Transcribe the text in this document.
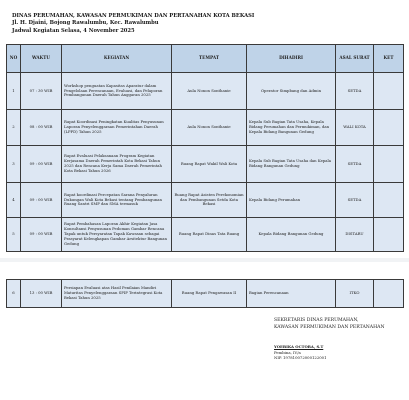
DINAS PERUMAHAN, KAWASAN PERMUKIMAN DAN PERTANAHAN KOTA BEKASI
Jl. H. Djaini, Bojong Rawalumbu, Kec. Rawalumbu
Jadwal Kegiatan Selasa, 4 November 2025
NO	WAKTU	KEGIATAN	TEMPAT	DIHADIRI	ASAL SURAT	KET
1	07 : 30 WIB	Workshop penguatan Kapasitas Aparatur dalam Pengelolaan Perencanaan, Evaluasi, dan Pelaporan Pembangunan Daerah Tahun Anggaran 2025	Aula Nonon Sonthanie	Operator Simpbang dan Admin	SETDA	
2	08 : 00 WIB	Rapat Koordinasi Peningkatan Kualitas Penyusunan Laporan Penyelenggaraan Pemerintahan Daerah (LPPD) Tahun 2025	Aula Nonon Sonthanie	Kepala Sub Bagian Tata Usaha, Kepala Bidang Perumahan dan Permukiman, dan Kepala Bidang Bangunan Gedung	WALI KOTA	
3	09 : 00 WIB	Rapat Evaluasi Pelaksanaan Program Kegiatan Kerjasama Daerah Pemerintah Kota Bekasi Tahun 2025 dan Rencana Kerja Sama Daerah Pemerintah Kota Bekasi Tahun 2026	Ruang Rapat Wakil Wali Kota	Kepala Sub Bagian Tata Usaha dan Kepala Bidang Bangunan Gedung	SETDA	
4	09 : 00 WIB	Rapat koordinasi Percepatan Sarana Penyaluran Dukungan Wali Kota Bekasi tentang Pembangunan Ruang Santri SMP dan SMA termasuk	Ruang Rapat Asisten Perekonomian dan Pembangunan Setda Kota Bekasi	Kepala Bidang Perumahan	SETDA	
5	09 : 00 WIB	Rapat Pembahasan Laporan Akhir Kegiatan Jasa Konsultansi Penyusunan Pedoman Gambar Rencana Tapak untuk Persyaratan Tapak Kawasan sebagai Prasyarat Kelengkapan Gambar Arsitektur Bangunan Gedung	Ruang Rapat Dinas Tata Ruang	Kepala Bidang Bangunan Gedung	DISTARU	
6	13 : 00 WIB	Persiapan Evaluasi atas Hasil Penilaian Mandiri Maturitas Penyelenggaraan SPIP Terintegrasi Kota Bekasi Tahun 2025	Ruang Rapat Pengawasan II	Bagian Perencanaan	ITKO	
SEKRETARIS DINAS PERUMAHAN,
KAWASAN PERMUKIMAN DAN PERTANAHAN
YOEBIKA OCTORA, S.T
Pembina, IV/a
NIP. 197810072000122001
